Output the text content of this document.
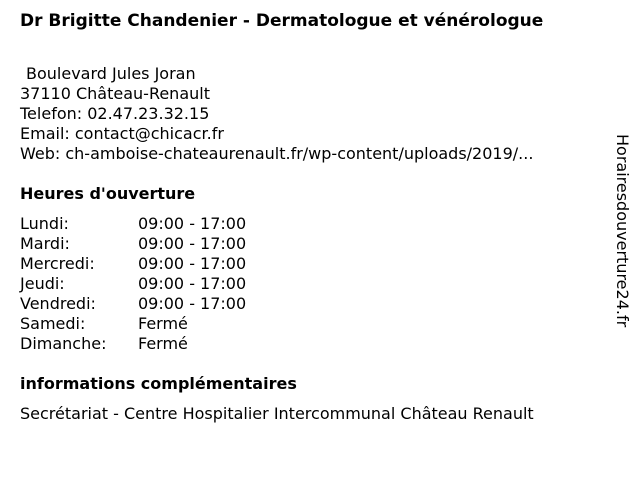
Dr Brigitte Chandenier - Dermatologue et vénérologue
Boulevard Jules Joran
37110 Château-Renault
Telefon: 02.47.23.32.15
Email: contact@chicacr.fr
Web: ch-amboise-chateaurenault.fr/wp-content/uploads/2019/...
Heures d'ouverture
Lundi:	09:00 - 17:00
Mardi:	09:00 - 17:00
Mercredi:	09:00 - 17:00
Jeudi:	09:00 - 17:00
Vendredi:	09:00 - 17:00
Samedi:	Fermé
Dimanche: Fermé
informations complémentaires
Secrétariat - Centre Hospitalier Intercommunal Château Renault
Horairesdouverture24.fr
